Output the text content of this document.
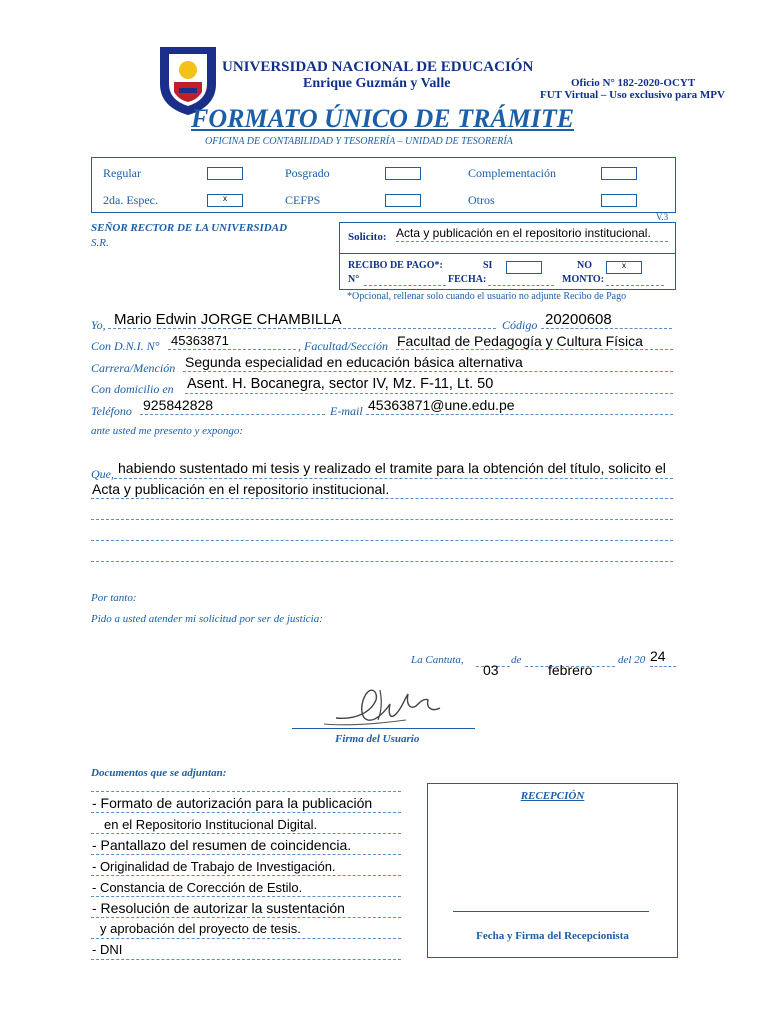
UNIVERSIDAD NACIONAL DE EDUCACIÓN
Enrique Guzmán y Valle	Oficio N° 182-2020-OCYT
FUT Virtual – Uso exclusivo para MPV
FORMATO ÚNICO DE TRÁMITE
OFICINA DE CONTABILIDAD Y TESORERÍA – UNIDAD DE TESORERÍA
Regular	Posgrado	Complementación
2da. Espec.	x	CEFPS	Otros
V.3
SEÑOR RECTOR DE LA UNIVERSIDAD
S.R.	Solicito: Acta y publicación en el repositorio institucional.
RECIBO DE PAGO*:	SI	NO	x
N°	FECHA:	MONTO:
*Opcional, rellenar solo cuando el usuario no adjunte Recibo de Pago
Yo, Mario Edwin JORGE CHAMBILLA	Código 20200608
Con D.N.I. N° 45363871	, Facultad/Sección Facultad de Pedagogía y Cultura Física
Carrera/Mención Segunda especialidad en educación básica alternativa
Con domicilio en Asent. H. Bocanegra, sector IV, Mz. F-11, Lt. 50
Teléfono 925842828	E-mail 45363871@une.edu.pe
ante usted me presento y expongo:
Que, habiendo sustentado mi tesis y realizado el tramite para la obtención del título, solicito el
Acta y publicación en el repositorio institucional.
Por tanto:
Pido a usted atender mi solicitud por ser de justicia:
La Cantuta,
03
de
febrero
del 20 24
Firma del Usuario
Documentos que se adjuntan:
- Formato de autorización para la publicación
en el Repositorio Institucional Digital.
- Pantallazo del resumen de coincidencia.
- Originalidad de Trabajo de Investigación.
- Constancia de Corección de Estilo.
- Resolución de autorizar la sustentación
y aprobación del proyecto de tesis.
- DNI
RECEPCIÓN
Fecha y Firma del Recepcionista
